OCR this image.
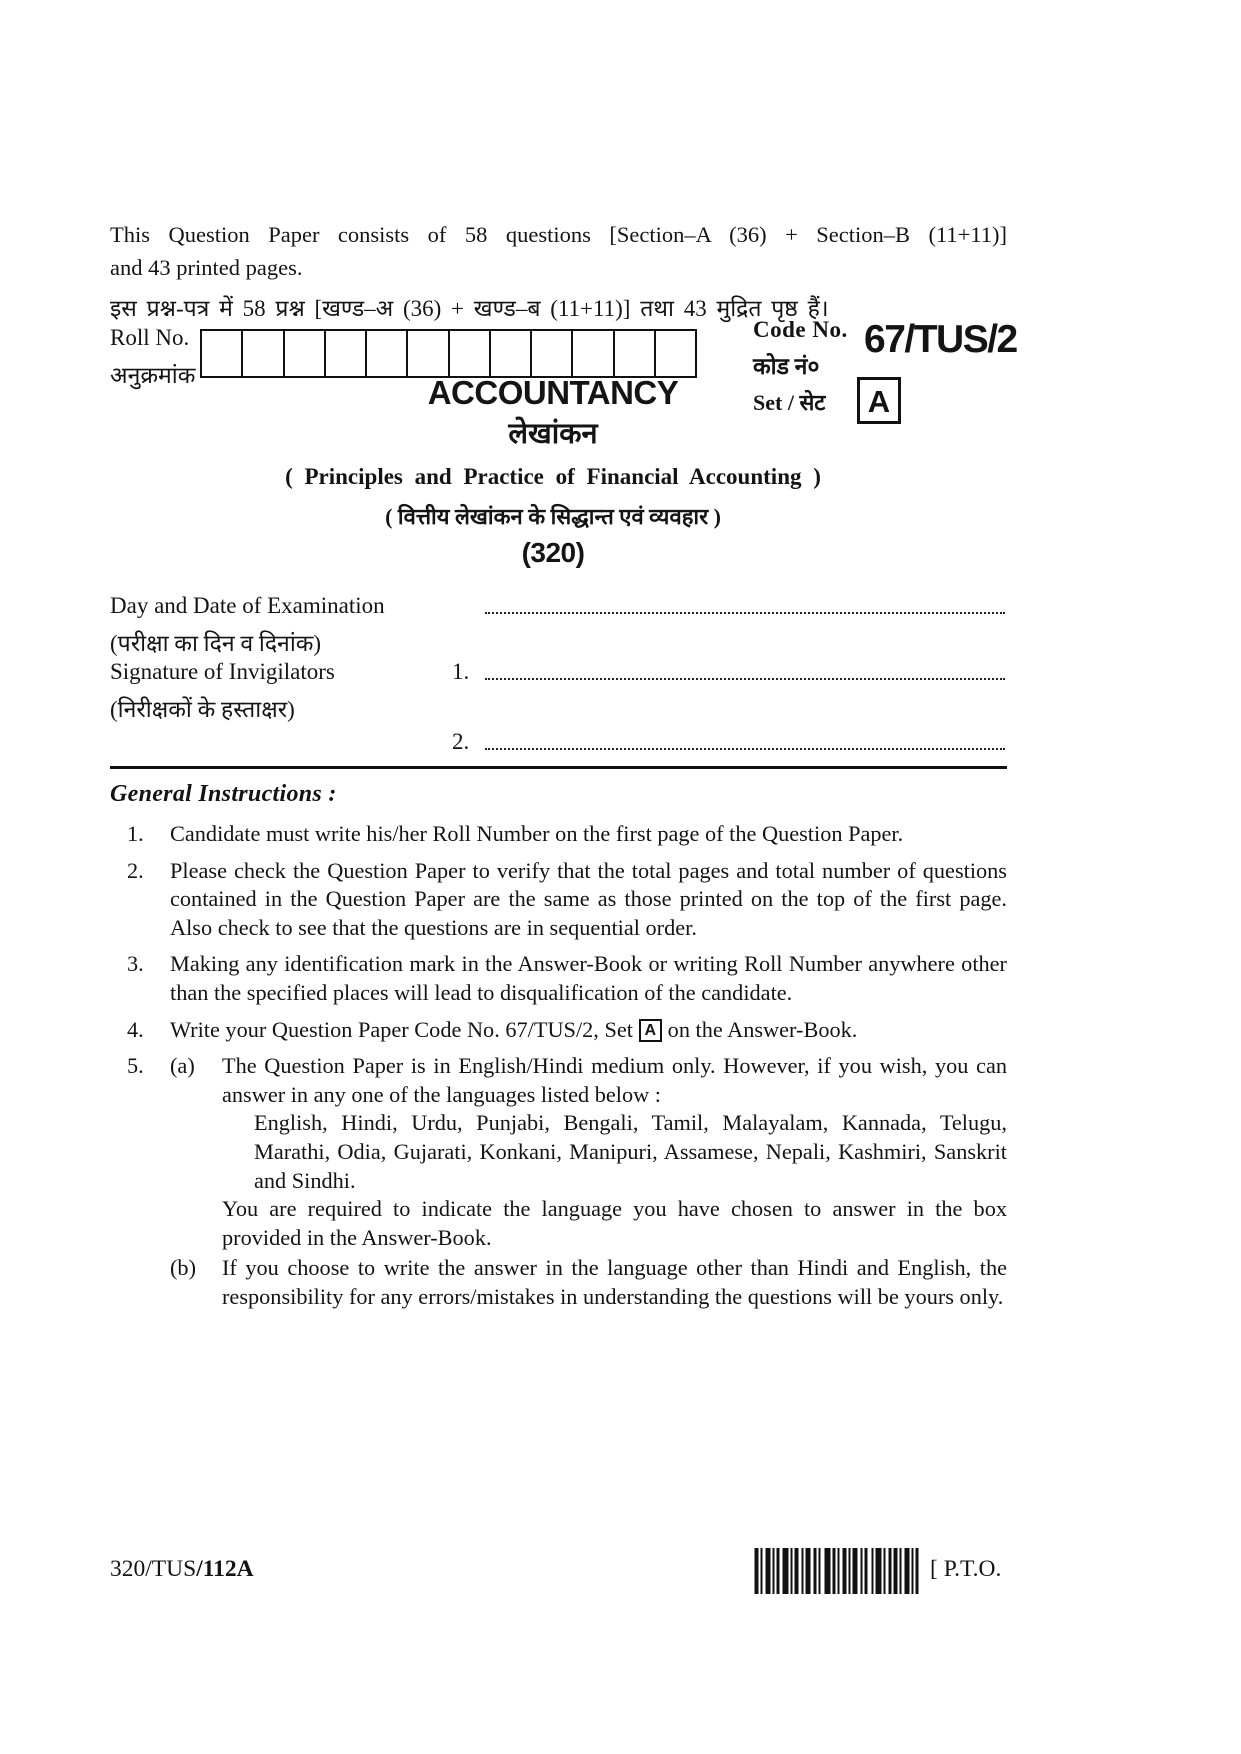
This Question Paper consists of 58 questions [Section–A (36) + Section–B (11+11)]
and 43 printed pages.
इस प्रश्न-पत्र में 58 प्रश्न [खण्ड–अ (36) + खण्ड–ब (11+11)] तथा 43 मुद्रित पृष्ठ हैं।
Roll No.
अनुक्रमांक
Code No.
कोड नं०
67/TUS/2
ACCOUNTANCY
लेखांकन
Set / सेट	A
( Principles and Practice of Financial Accounting )
( वित्तीय लेखांकन के सिद्धान्त एवं व्यवहार )
(320)
Day and Date of Examination
(परीक्षा का दिन व दिनांक)
Signature of Invigilators
(निरीक्षकों के हस्ताक्षर)
1.
2.
General Instructions :
1.	Candidate must write his/her Roll Number on the first page of the Question Paper.
2.	Please check the Question Paper to verify that the total pages and total number of questions contained in the Question Paper are the same as those printed on the top of the first page. Also check to see that the questions are in sequential order.
3.	Making any identification mark in the Answer-Book or writing Roll Number anywhere other than the specified places will lead to disqualification of the candidate.
4.	Write your Question Paper Code No. 67/TUS/2, Set A on the Answer-Book.
5.	(a)	The Question Paper is in English/Hindi medium only. However, if you wish, you can answer in any one of the languages listed below :
English, Hindi, Urdu, Punjabi, Bengali, Tamil, Malayalam, Kannada, Telugu, Marathi, Odia, Gujarati, Konkani, Manipuri, Assamese, Nepali, Kashmiri, Sanskrit and Sindhi.
You are required to indicate the language you have chosen to answer in the box provided in the Answer-Book.
(b)	If you choose to write the answer in the language other than Hindi and English, the responsibility for any errors/mistakes in understanding the questions will be yours only.
320/TUS/112A	[ P.T.O.
